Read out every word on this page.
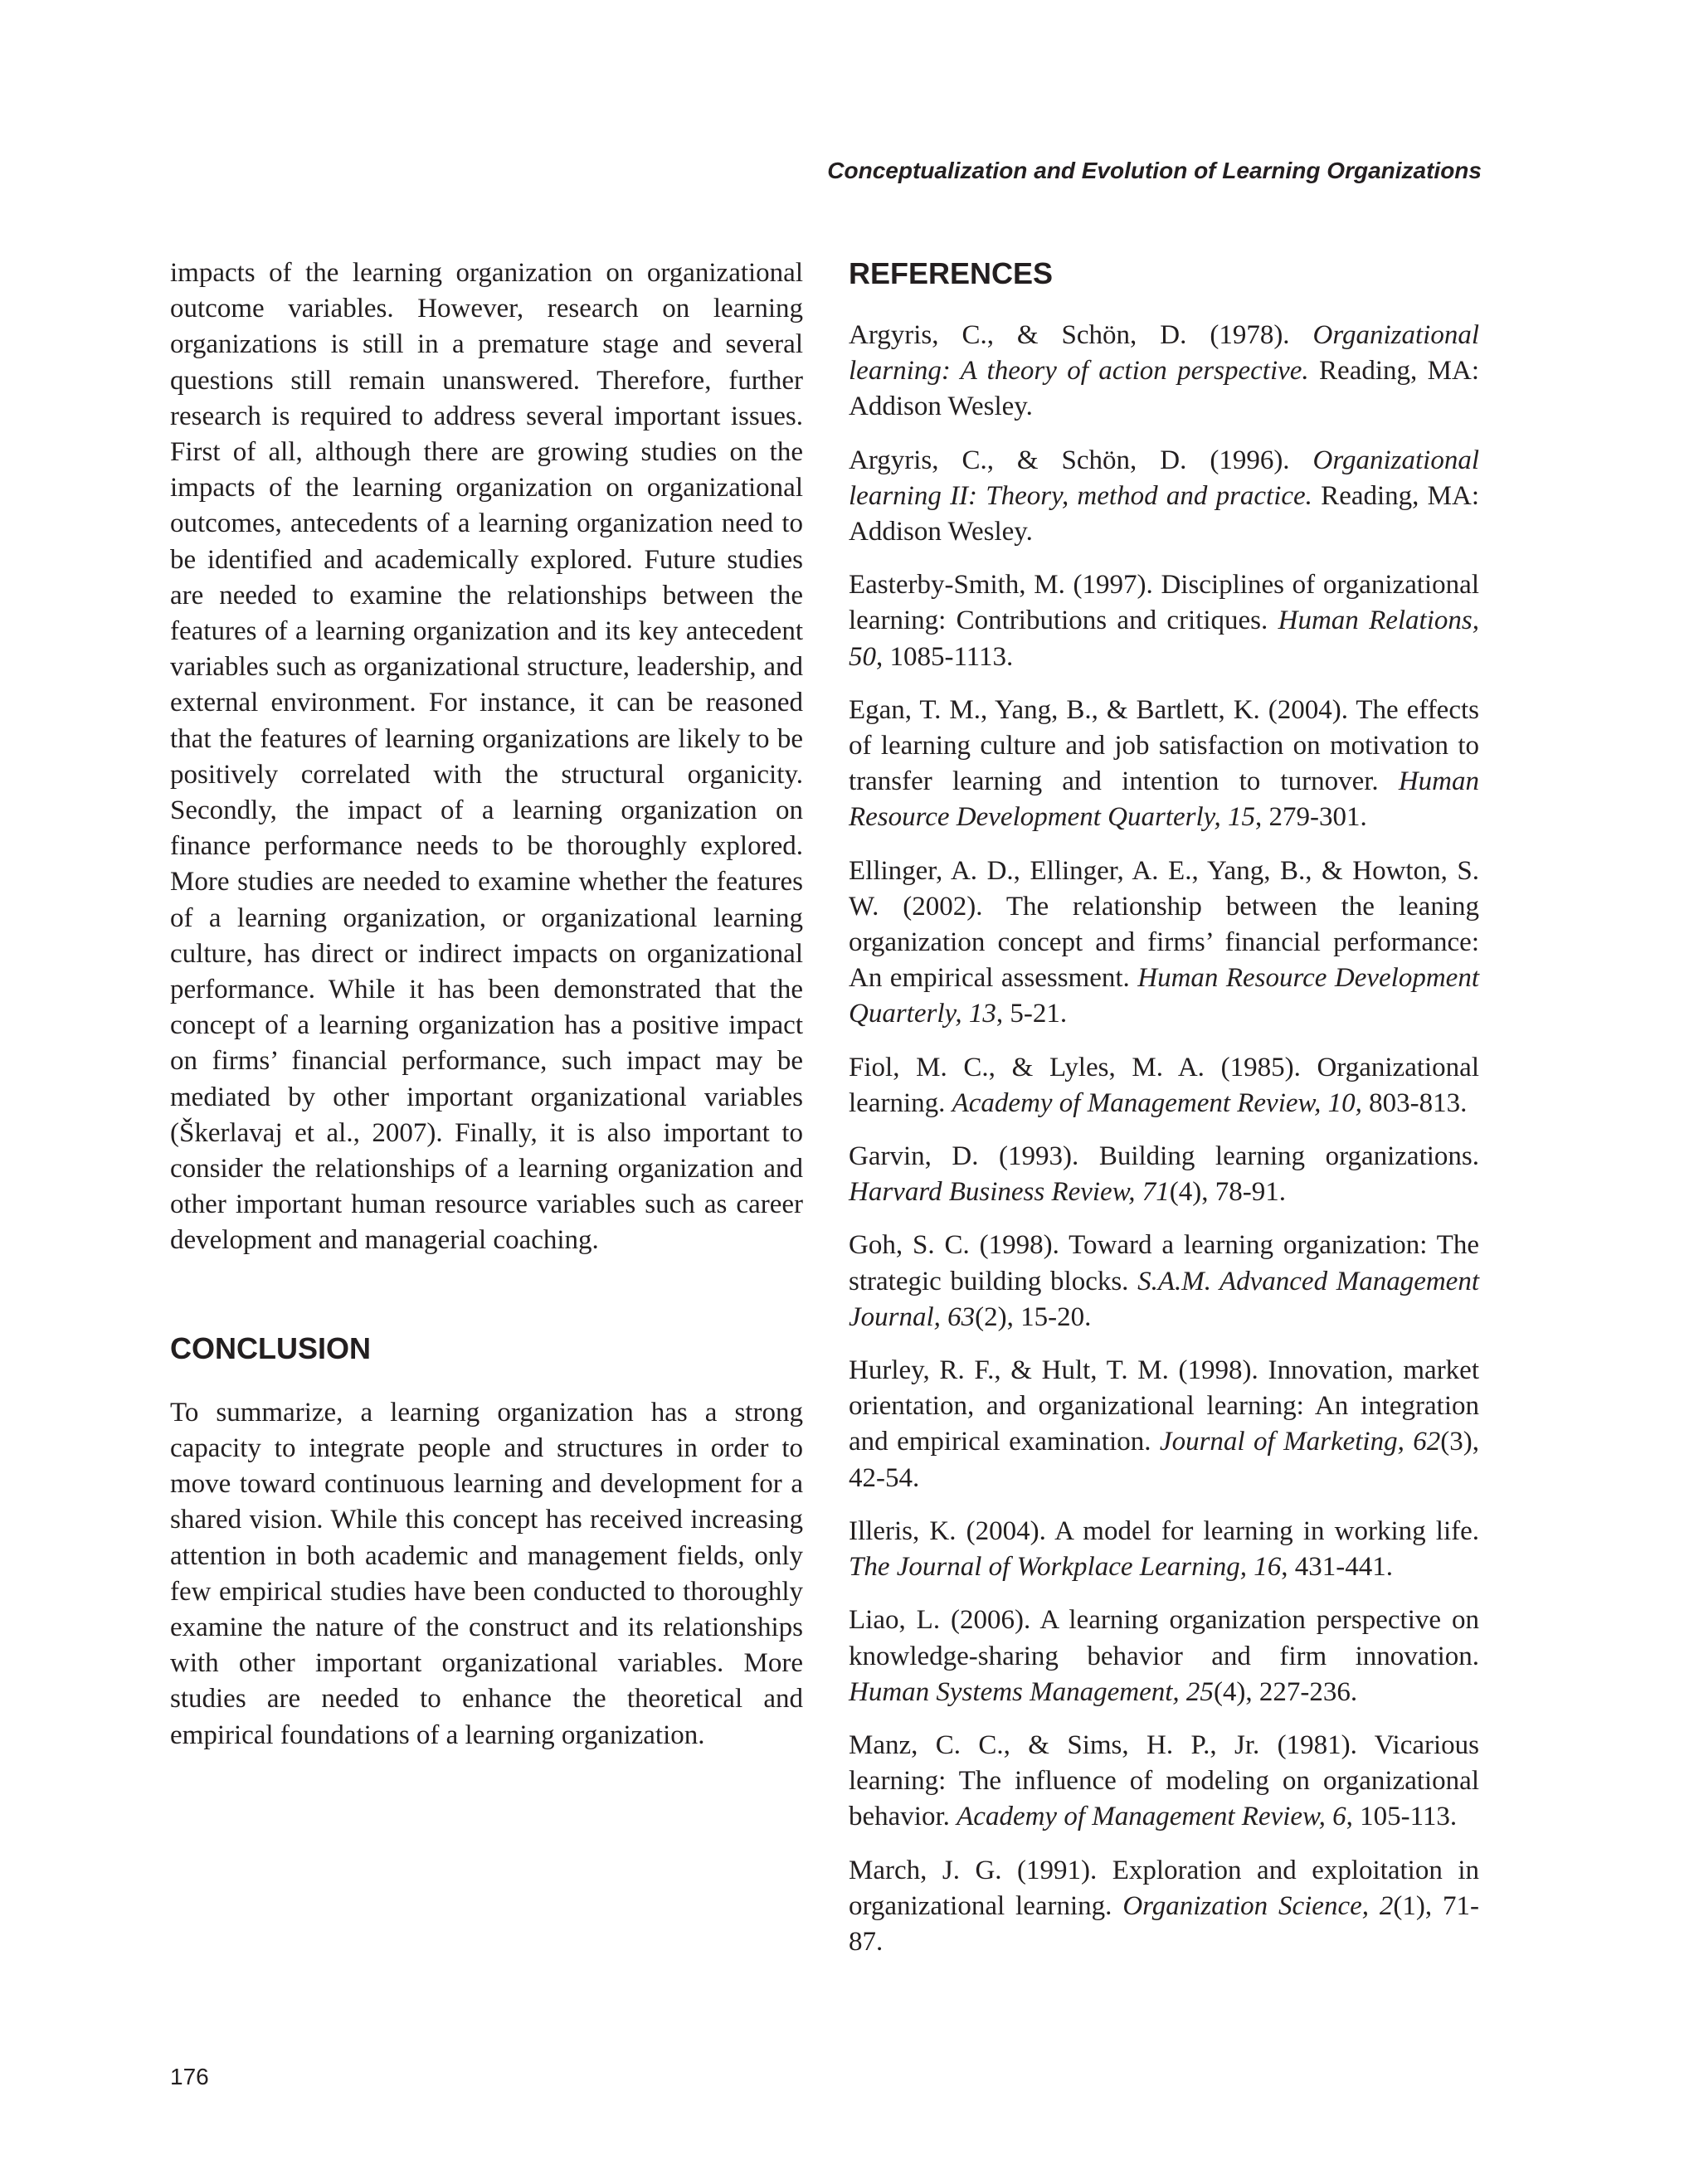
Conceptualization and Evolution of Learning Organizations

impacts of the learning organization on organizational outcome variables. However, research on learning organizations is still in a premature stage and several questions still remain unanswered. Therefore, further research is required to address several important issues. First of all, although there are growing studies on the impacts of the learning organization on organizational outcomes, antecedents of a learning organization need to be identified and academically explored. Future studies are needed to examine the relationships between the features of a learning organization and its key antecedent variables such as organizational structure, leadership, and external environment. For instance, it can be reasoned that the features of learning organizations are likely to be positively correlated with the structural organicity. Secondly, the impact of a learning organization on finance performance needs to be thoroughly explored. More studies are needed to examine whether the features of a learning organization, or organizational learning culture, has direct or indirect impacts on organizational performance. While it has been demonstrated that the concept of a learning organization has a positive impact on firms’ financial performance, such impact may be mediated by other important organizational variables (Škerlavaj et al., 2007). Finally, it is also important to consider the relationships of a learning organization and other important human resource variables such as career development and managerial coaching.

CONCLUSION

To summarize, a learning organization has a strong capacity to integrate people and structures in order to move toward continuous learning and development for a shared vision. While this concept has received increasing attention in both academic and management fields, only few empirical studies have been conducted to thoroughly examine the nature of the construct and its relationships with other important organizational variables. More studies are needed to enhance the theoretical and empirical foundations of a learning organization.

REFERENCES

Argyris, C., & Schön, D. (1978). Organizational learning: A theory of action perspective. Reading, MA: Addison Wesley.

Argyris, C., & Schön, D. (1996). Organizational learning II: Theory, method and practice. Reading, MA: Addison Wesley.

Easterby-Smith, M. (1997). Disciplines of organizational learning: Contributions and critiques. Human Relations, 50, 1085-1113.

Egan, T. M., Yang, B., & Bartlett, K. (2004). The effects of learning culture and job satisfaction on motivation to transfer learning and intention to turnover. Human Resource Development Quarterly, 15, 279-301.

Ellinger, A. D., Ellinger, A. E., Yang, B., & Howton, S. W. (2002). The relationship between the leaning organization concept and firms’ financial performance: An empirical assessment. Human Resource Development Quarterly, 13, 5-21.

Fiol, M. C., & Lyles, M. A. (1985). Organizational learning. Academy of Management Review, 10, 803-813.

Garvin, D. (1993). Building learning organizations. Harvard Business Review, 71(4), 78-91.

Goh, S. C. (1998). Toward a learning organization: The strategic building blocks. S.A.M. Advanced Management Journal, 63(2), 15-20.

Hurley, R. F., & Hult, T. M. (1998). Innovation, market orientation, and organizational learning: An integration and empirical examination. Journal of Marketing, 62(3), 42-54.

Illeris, K. (2004). A model for learning in working life. The Journal of Workplace Learning, 16, 431-441.

Liao, L. (2006). A learning organization perspective on knowledge-sharing behavior and firm innovation. Human Systems Management, 25(4), 227-236.

Manz, C. C., & Sims, H. P., Jr. (1981). Vicarious learning: The influence of modeling on organizational behavior. Academy of Management Review, 6, 105-113.

March, J. G. (1991). Exploration and exploitation in organizational learning. Organization Science, 2(1), 71-87.

176
